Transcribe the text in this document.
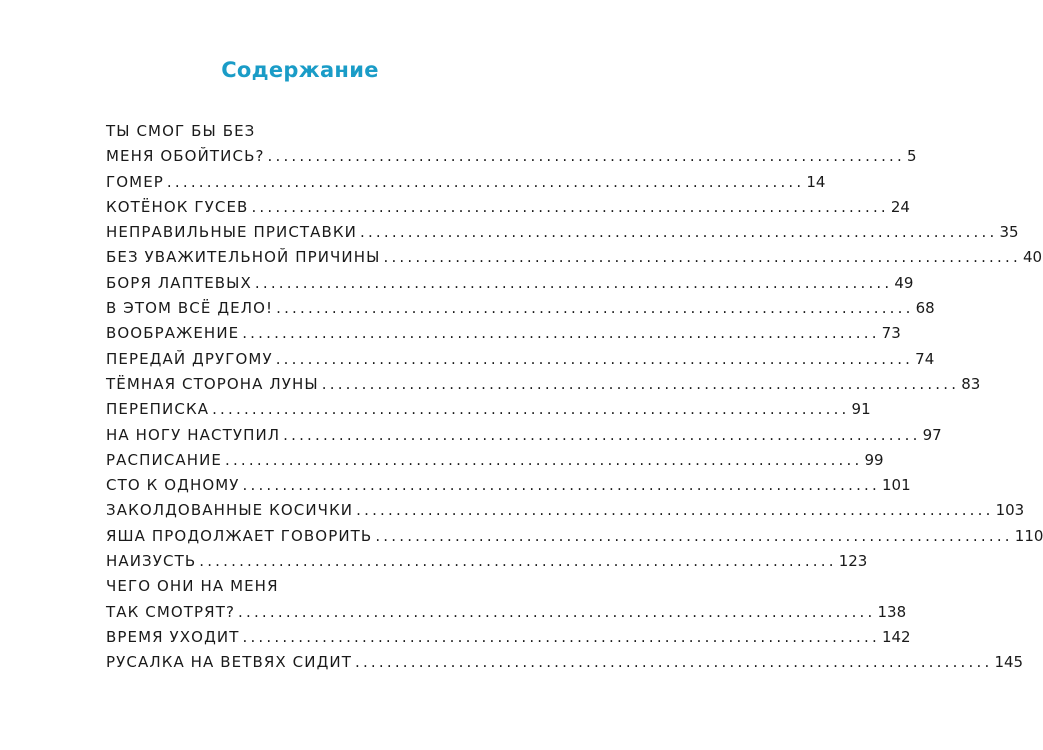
Содержание
ТЫ СМОГ БЫ БЕЗ
МЕНЯ ОБОЙТИСЬ? ................................................................................ 5
ГОМЕР ................................................................................ 14
КОТЁНОК ГУСЕВ ................................................................................ 24
НЕПРАВИЛЬНЫЕ ПРИСТАВКИ ................................................................................ 35
БЕЗ УВАЖИТЕЛЬНОЙ ПРИЧИНЫ ................................................................................ 40
БОРЯ ЛАПТЕВЫХ ................................................................................ 49
В ЭТОМ ВСЁ ДЕЛО! ................................................................................ 68
ВООБРАЖЕНИЕ ................................................................................ 73
ПЕРЕДАЙ ДРУГОМУ ................................................................................ 74
ТЁМНАЯ СТОРОНА ЛУНЫ ................................................................................ 83
ПЕРЕПИСКА ................................................................................ 91
НА НОГУ НАСТУПИЛ ................................................................................ 97
РАСПИСАНИЕ ................................................................................ 99
СТО К ОДНОМУ ................................................................................ 101
ЗАКОЛДОВАННЫЕ КОСИЧКИ ................................................................................ 103
ЯША ПРОДОЛЖАЕТ ГОВОРИТЬ ................................................................................ 110
НАИЗУСТЬ ................................................................................ 123
ЧЕГО ОНИ НА МЕНЯ
ТАК СМОТРЯТ? ................................................................................ 138
ВРЕМЯ УХОДИТ ................................................................................ 142
РУСАЛКА НА ВЕТВЯХ СИДИТ ................................................................................ 145
